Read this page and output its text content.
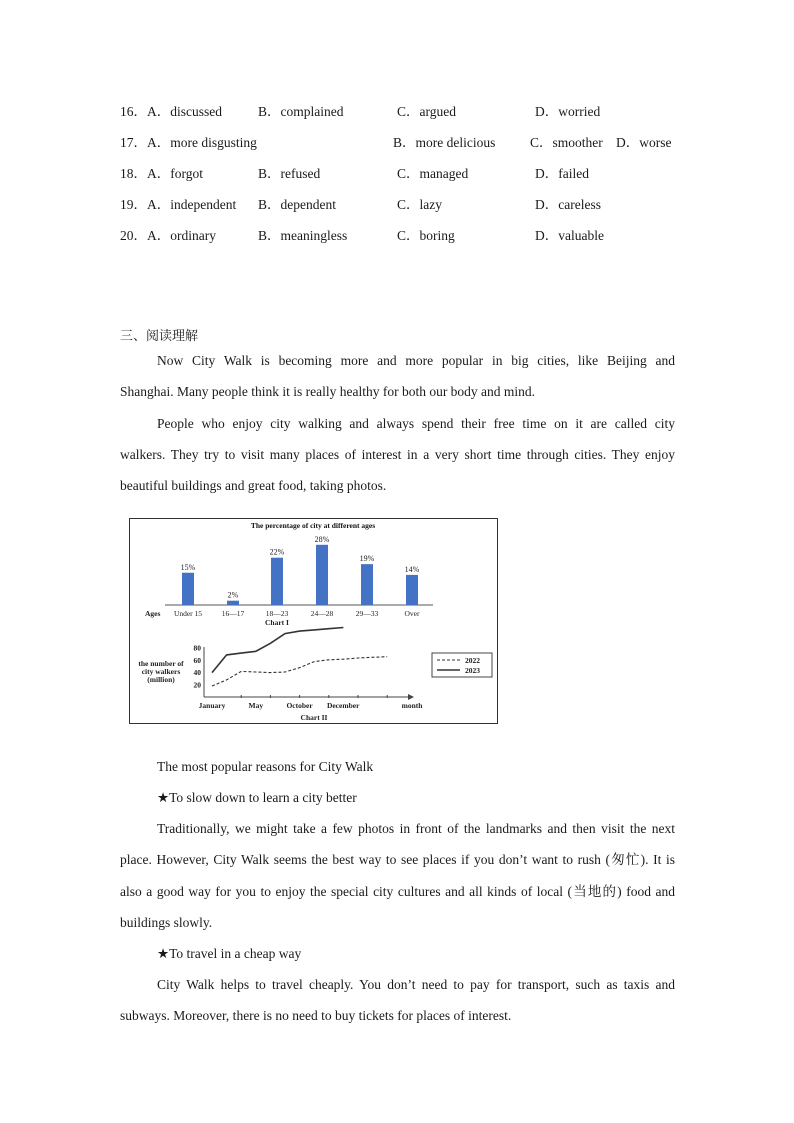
16．A．discussed	B．complained	C．argued	D．worried
17．A．more disgusting	B．more delicious	C．smoother D．worse
18．A．forgot	B．refused	C．managed	D．failed
19．A．independent B．dependent	C．lazy	D．careless
20．A．ordinary	B．meaningless	C．boring	D．valuable
三、阅读理解
Now City Walk is becoming more and more popular in big cities, like Beijing and
Shanghai. Many people think it is really healthy for both our body and mind.
People who enjoy city walking and always spend their free time on it are called city
walkers. They try to visit many places of interest in a very short time through cities. They enjoy
beautiful buildings and great food, taking photos.
The percentage of city at different ages
15%
Under 15
2%
16—17
22%
18—23
28%
24—28
19%
29—33
14%
Over
Ages
Chart I
20
40
60
80
the number of
city walkers
(million)
January	May	October December	month
Chart II
2022
2023
The most popular reasons for City Walk
★To slow down to learn a city better
Traditionally, we might take a few photos in front of the landmarks and then visit the next
place. However, City Walk seems the best way to see places if you don’t want to rush (匆忙). It is
also a good way for you to enjoy the special city cultures and all kinds of local (当地的) food and
buildings slowly.
★To travel in a cheap way
City Walk helps to travel cheaply. You don’t need to pay for transport, such as taxis and
subways. Moreover, there is no need to buy tickets for places of interest.
